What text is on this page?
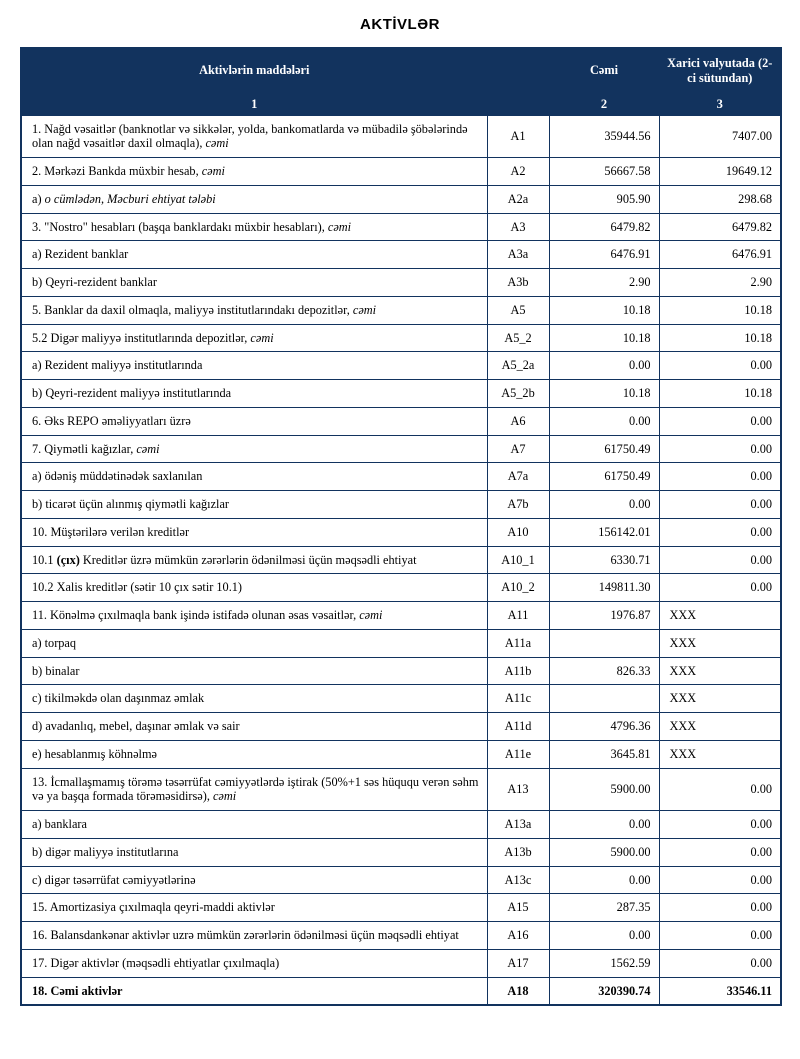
AKTİVLƏR
Aktivlərin maddələri		Cəmi	Xarici valyutada (2-ci sütundan)
1		2	3
1. Nağd vəsaitlər (banknotlar və sikkələr, yolda, bankomatlarda və mübadilə şöbələrində olan nağd vəsaitlər daxil olmaqla), cəmi	A1	35944.56	7407.00
2. Mərkəzi Bankda müxbir hesab, cəmi	A2	56667.58	19649.12
a) o cümlədən, Məcburi ehtiyat tələbi	A2a	905.90	298.68
3. "Nostro" hesabları (başqa banklardakı müxbir hesabları), cəmi	A3	6479.82	6479.82
a) Rezident banklar	A3a	6476.91	6476.91
b) Qeyri-rezident banklar	A3b	2.90	2.90
5. Banklar da daxil olmaqla, maliyyə institutlarındakı depozitlər, cəmi	A5	10.18	10.18
5.2 Digər maliyyə institutlarında depozitlər, cəmi	A5_2	10.18	10.18
a) Rezident maliyyə institutlarında	A5_2a	0.00	0.00
b) Qeyri-rezident maliyyə institutlarında	A5_2b	10.18	10.18
6. Əks REPO əməliyyatları üzrə	A6	0.00	0.00
7. Qiymətli kağızlar, cəmi	A7	61750.49	0.00
a) ödəniş müddətinədək saxlanılan	A7a	61750.49	0.00
b) ticarət üçün alınmış qiymətli kağızlar	A7b	0.00	0.00
10. Müştərilərə verilən kreditlər	A10	156142.01	0.00
10.1 (çıx) Kreditlər üzrə mümkün zərərlərin ödənilməsi üçün məqsədli ehtiyat	A10_1	6330.71	0.00
10.2 Xalis kreditlər (sətir 10 çıx sətir 10.1)	A10_2	149811.30	0.00
11. Könəlmə çıxılmaqla bank işində istifadə olunan əsas vəsaitlər, cəmi	A11	1976.87	XXX
a) torpaq	A11a		XXX
b) binalar	A11b	826.33	XXX
c) tikilməkdə olan daşınmaz əmlak	A11c		XXX
d) avadanlıq, mebel, daşınar əmlak və sair	A11d	4796.36	XXX
e) hesablanmış köhnəlmə	A11e	3645.81	XXX
13. İcmallaşmamış törəmə təsərrüfat cəmiyyətlərdə iştirak (50%+1 səs hüququ verən səhm və ya başqa formada törəməsidirsə), cəmi	A13	5900.00	0.00
a) banklara	A13a	0.00	0.00
b) digər maliyyə institutlarına	A13b	5900.00	0.00
c) digər təsərrüfat cəmiyyətlərinə	A13c	0.00	0.00
15. Amortizasiya çıxılmaqla qeyri-maddi aktivlər	A15	287.35	0.00
16. Balansdankənar aktivlər uzrə mümkün zərərlərin ödənilməsi üçün məqsədli ehtiyat	A16	0.00	0.00
17. Digər aktivlər (məqsədli ehtiyatlar çıxılmaqla)	A17	1562.59	0.00
18. Cəmi aktivlər	A18	320390.74	33546.11
